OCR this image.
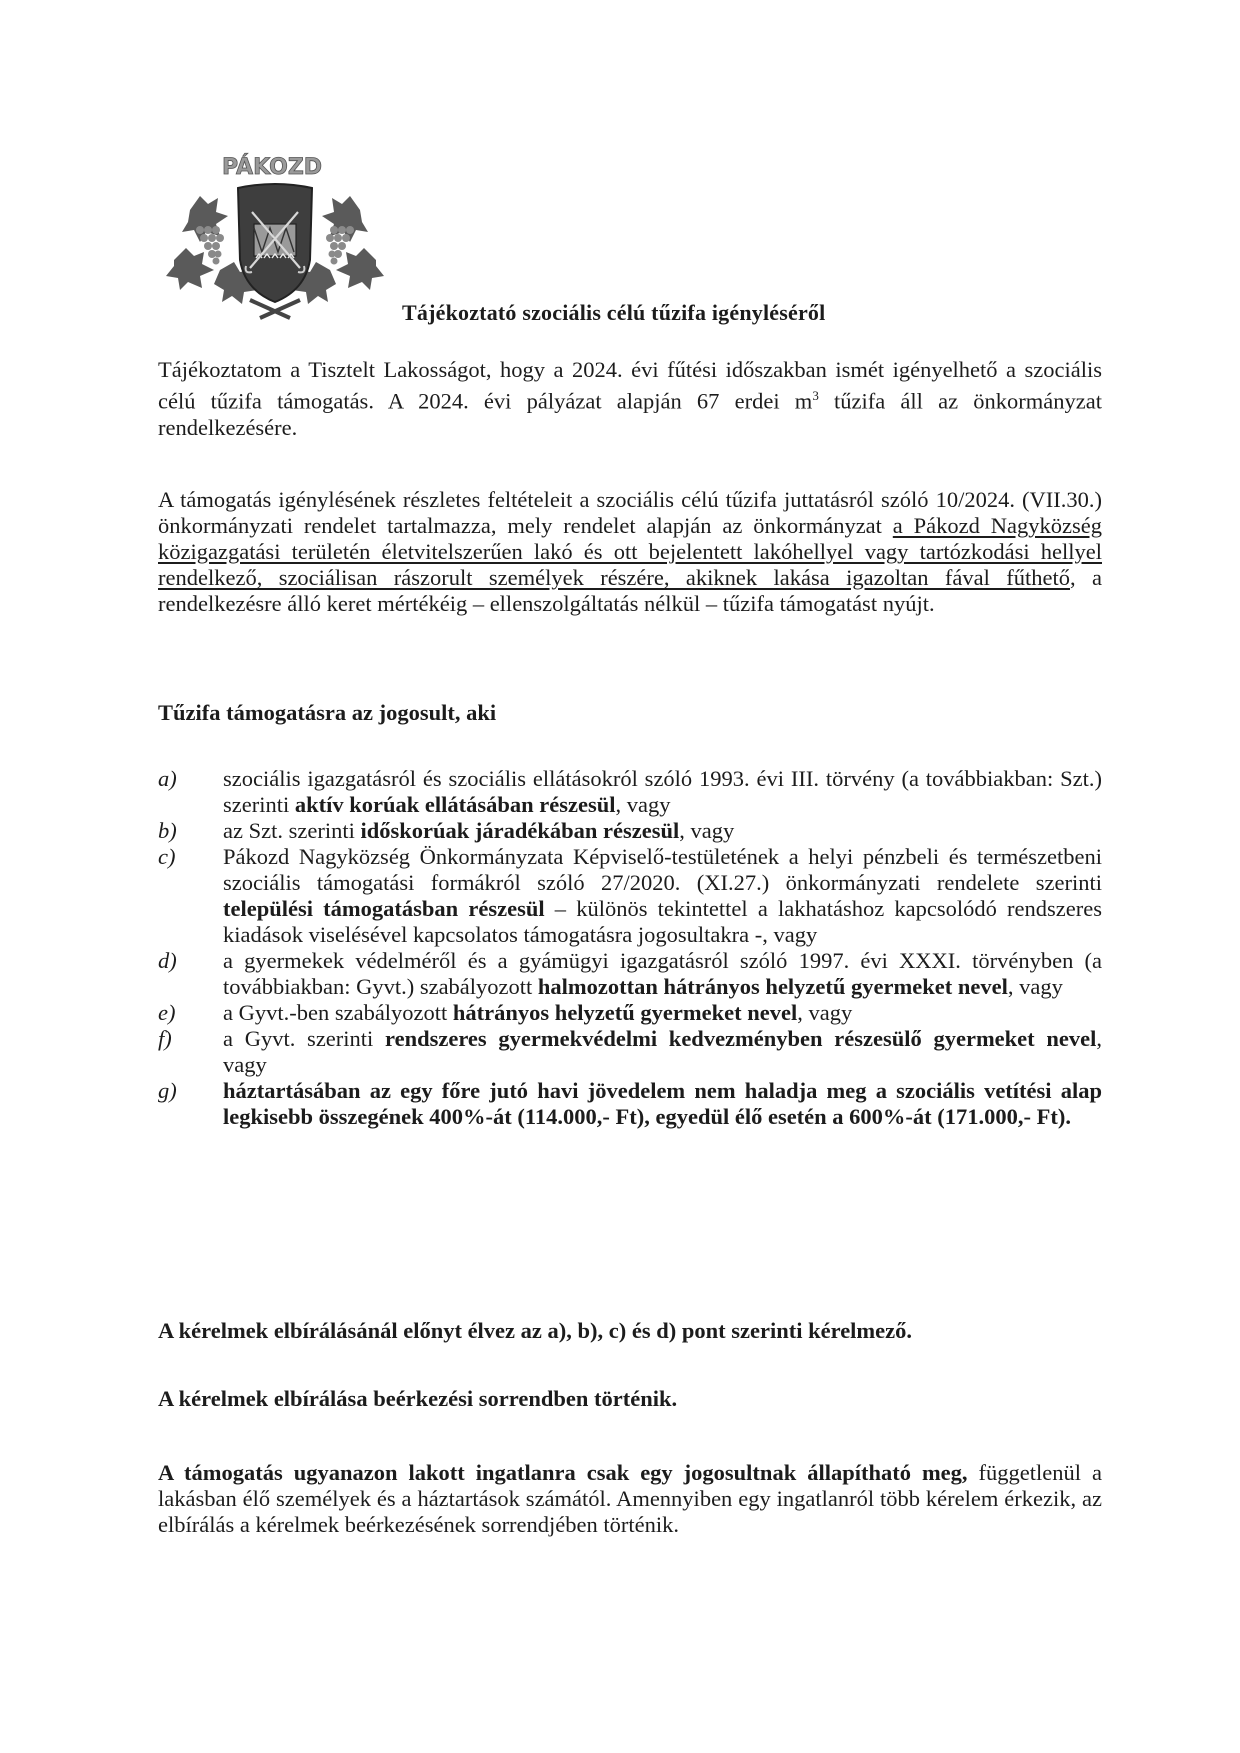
PÁKOZD
Tájékoztató szociális célú tűzifa igényléséről

Tájékoztatom a Tisztelt Lakosságot, hogy a 2024. évi fűtési időszakban ismét igényelhető a szociális célú tűzifa támogatás. A 2024. évi pályázat alapján 67 erdei $m^3$ tűzifa áll az önkormányzat rendelkezésére.

A támogatás igénylésének részletes feltételeit a szociális célú tűzifa juttatásról szóló 10/2024. (VII.30.) önkormányzati rendelet tartalmazza, mely rendelet alapján az önkormányzat a Pákozd Nagyközség közigazgatási területén életvitelszerűen lakó és ott bejelentett lakóhellyel vagy tartózkodási hellyel rendelkező, szociálisan rászorult személyek részére, akiknek lakása igazoltan fával fűthető, a rendelkezésre álló keret mértékéig – ellenszolgáltatás nélkül – tűzifa támogatást nyújt.

Tűzifa támogatásra az jogosult, aki
a)	szociális igazgatásról és szociális ellátásokról szóló 1993. évi III. törvény (a továbbiakban: Szt.) szerinti aktív korúak ellátásában részesül, vagy
b)	az Szt. szerinti időskorúak járadékában részesül, vagy
c)	Pákozd Nagyközség Önkormányzata Képviselő-testületének a helyi pénzbeli és természetbeni szociális támogatási formákról szóló 27/2020. (XI.27.) önkormányzati rendelete szerinti települési támogatásban részesül – különös tekintettel a lakhatáshoz kapcsolódó rendszeres kiadások viselésével kapcsolatos támogatásra jogosultakra -, vagy
d)	a gyermekek védelméről és a gyámügyi igazgatásról szóló 1997. évi XXXI. törvényben (a továbbiakban: Gyvt.) szabályozott halmozottan hátrányos helyzetű gyermeket nevel, vagy
e)	a Gyvt.-ben szabályozott hátrányos helyzetű gyermeket nevel, vagy
f)	a Gyvt. szerinti rendszeres gyermekvédelmi kedvezményben részesülő gyermeket nevel, vagy
g)	háztartásában az egy főre jutó havi jövedelem nem haladja meg a szociális vetítési alap legkisebb összegének 400%-át (114.000,- Ft), egyedül élő esetén a 600%-át (171.000,- Ft).

A kérelmek elbírálásánál előnyt élvez az a), b), c) és d) pont szerinti kérelmező.

A kérelmek elbírálása beérkezési sorrendben történik.

A támogatás ugyanazon lakott ingatlanra csak egy jogosultnak állapítható meg, függetlenül a lakásban élő személyek és a háztartások számától. Amennyiben egy ingatlanról több kérelem érkezik, az elbírálás a kérelmek beérkezésének sorrendjében történik.
